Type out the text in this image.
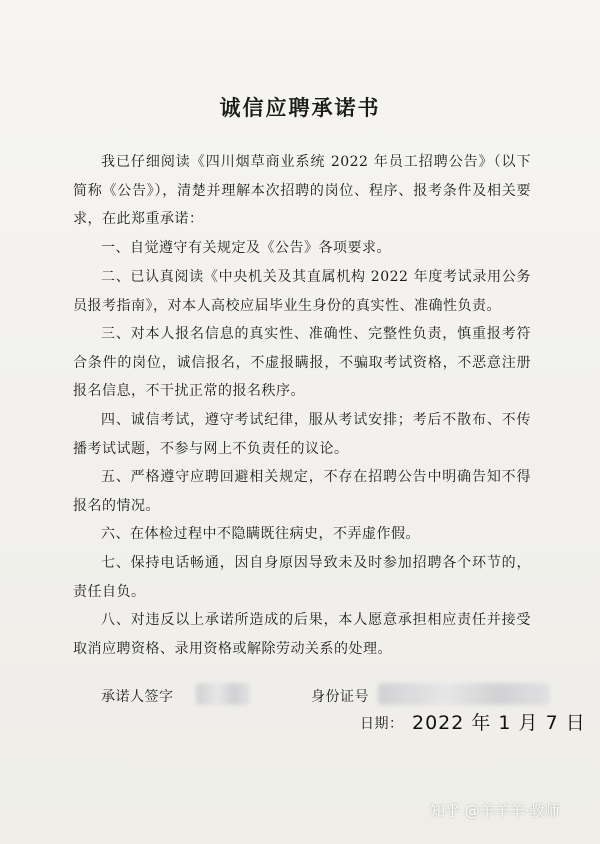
诚信应聘承诺书

我已仔细阅读《四川烟草商业系统 2022 年员工招聘公告》（以下简称《公告》），清楚并理解本次招聘的岗位、程序、报考条件及相关要求，在此郑重承诺：

一、自觉遵守有关规定及《公告》各项要求。

二、已认真阅读《中央机关及其直属机构 2022 年度考试录用公务员报考指南》，对本人高校应届毕业生身份的真实性、准确性负责。

三、对本人报名信息的真实性、准确性、完整性负责，慎重报考符合条件的岗位，诚信报名，不虚报瞒报，不骗取考试资格，不恶意注册报名信息，不干扰正常的报名秩序。

四、诚信考试，遵守考试纪律，服从考试安排；考后不散布、不传播考试试题，不参与网上不负责任的议论。

五、严格遵守应聘回避相关规定，不存在招聘公告中明确告知不得报名的情况。

六、在体检过程中不隐瞒既往病史，不弄虚作假。

七、保持电话畅通，因自身原因导致未及时参加招聘各个环节的，责任自负。

八、对违反以上承诺所造成的后果，本人愿意承担相应责任并接受取消应聘资格、录用资格或解除劳动关系的处理。

承诺人签字	身份证号
日期： 2022 年 1 月 7 日
知乎 @羊羊羊·教师
